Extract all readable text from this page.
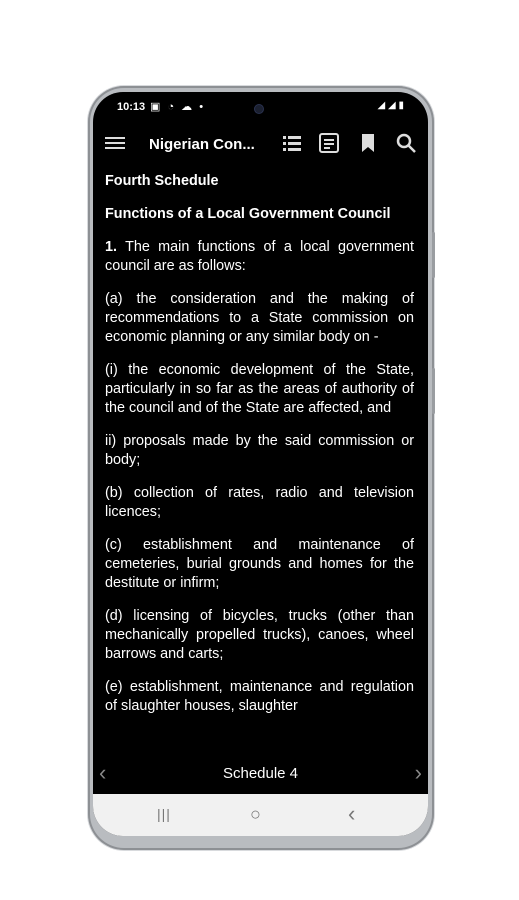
10:13 ▣ ◔ ☁ •	◢ ◢ ▮
Nigerian Con...

Fourth Schedule

Functions of a Local Government Council

1. The main functions of a local government council are as follows:

(a) the consideration and the making of recommendations to a State commission on economic planning or any similar body on -

(i) the economic development of the State, particularly in so far as the areas of authority of the council and of the State are affected, and

ii) proposals made by the said commission or body;

(b) collection of rates, radio and television licences;

(c) establishment and maintenance of cemeteries, burial grounds and homes for the destitute or infirm;

(d) licensing of bicycles, trucks (other than mechanically propelled trucks), canoes, wheel barrows and carts;

(e) establishment, maintenance and regulation of slaughter houses, slaughter

‹	Schedule 4	›
|||	○	‹
